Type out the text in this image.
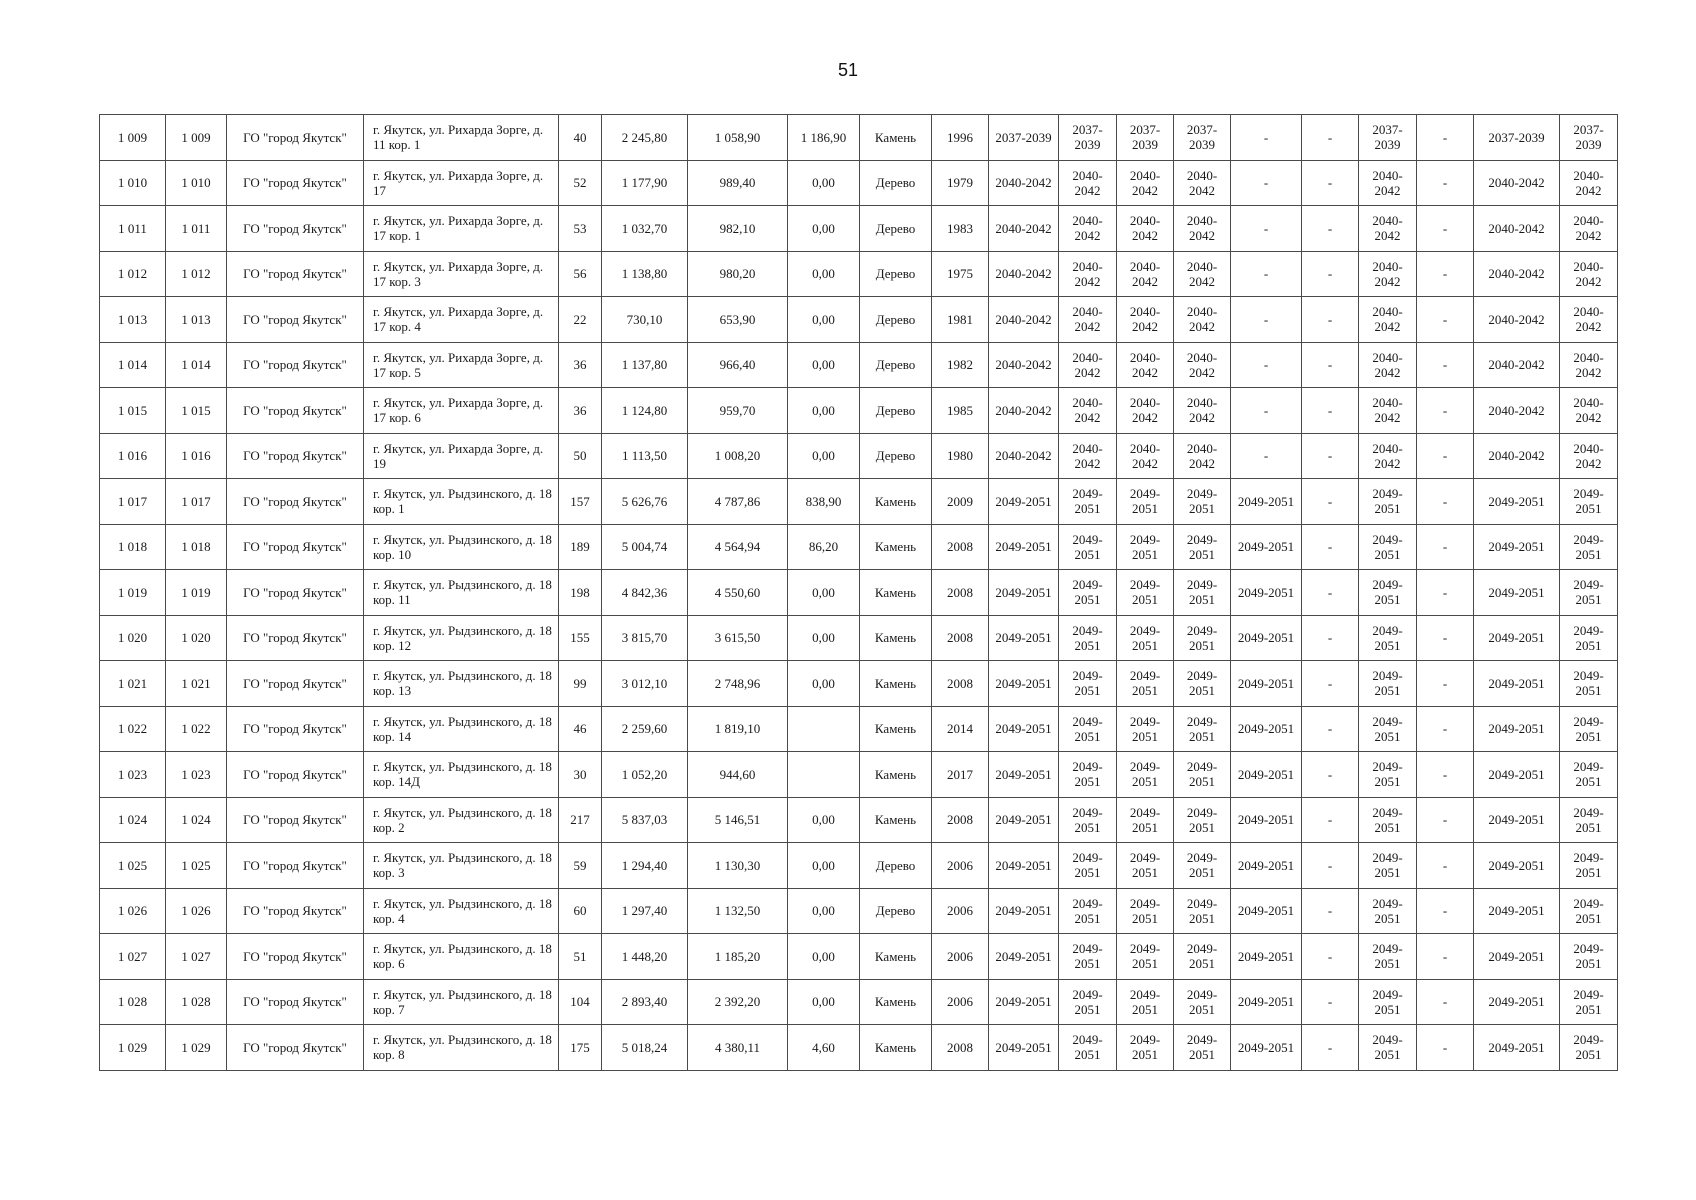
51
1 009	1 009	ГО "город Якутск"	г. Якутск, ул. Рихарда Зорге, д. 11 кор. 1	40	2 245,80	1 058,90	1 186,90	Камень	1996	2037-2039	2037-2039	2037-2039	2037-2039	-	-	2037-2039	-	2037-2039	2037-2039
1 010	1 010	ГО "город Якутск"	г. Якутск, ул. Рихарда Зорге, д. 17	52	1 177,90	989,40	0,00	Дерево	1979	2040-2042	2040-2042	2040-2042	2040-2042	-	-	2040-2042	-	2040-2042	2040-2042
1 011	1 011	ГО "город Якутск"	г. Якутск, ул. Рихарда Зорге, д. 17 кор. 1	53	1 032,70	982,10	0,00	Дерево	1983	2040-2042	2040-2042	2040-2042	2040-2042	-	-	2040-2042	-	2040-2042	2040-2042
1 012	1 012	ГО "город Якутск"	г. Якутск, ул. Рихарда Зорге, д. 17 кор. 3	56	1 138,80	980,20	0,00	Дерево	1975	2040-2042	2040-2042	2040-2042	2040-2042	-	-	2040-2042	-	2040-2042	2040-2042
1 013	1 013	ГО "город Якутск"	г. Якутск, ул. Рихарда Зорге, д. 17 кор. 4	22	730,10	653,90	0,00	Дерево	1981	2040-2042	2040-2042	2040-2042	2040-2042	-	-	2040-2042	-	2040-2042	2040-2042
1 014	1 014	ГО "город Якутск"	г. Якутск, ул. Рихарда Зорге, д. 17 кор. 5	36	1 137,80	966,40	0,00	Дерево	1982	2040-2042	2040-2042	2040-2042	2040-2042	-	-	2040-2042	-	2040-2042	2040-2042
1 015	1 015	ГО "город Якутск"	г. Якутск, ул. Рихарда Зорге, д. 17 кор. 6	36	1 124,80	959,70	0,00	Дерево	1985	2040-2042	2040-2042	2040-2042	2040-2042	-	-	2040-2042	-	2040-2042	2040-2042
1 016	1 016	ГО "город Якутск"	г. Якутск, ул. Рихарда Зорге, д. 19	50	1 113,50	1 008,20	0,00	Дерево	1980	2040-2042	2040-2042	2040-2042	2040-2042	-	-	2040-2042	-	2040-2042	2040-2042
1 017	1 017	ГО "город Якутск"	г. Якутск, ул. Рыдзинского, д. 18 кор. 1	157	5 626,76	4 787,86	838,90	Камень	2009	2049-2051	2049-2051	2049-2051	2049-2051	2049-2051	-	2049-2051	-	2049-2051	2049-2051
1 018	1 018	ГО "город Якутск"	г. Якутск, ул. Рыдзинского, д. 18 кор. 10	189	5 004,74	4 564,94	86,20	Камень	2008	2049-2051	2049-2051	2049-2051	2049-2051	2049-2051	-	2049-2051	-	2049-2051	2049-2051
1 019	1 019	ГО "город Якутск"	г. Якутск, ул. Рыдзинского, д. 18 кор. 11	198	4 842,36	4 550,60	0,00	Камень	2008	2049-2051	2049-2051	2049-2051	2049-2051	2049-2051	-	2049-2051	-	2049-2051	2049-2051
1 020	1 020	ГО "город Якутск"	г. Якутск, ул. Рыдзинского, д. 18 кор. 12	155	3 815,70	3 615,50	0,00	Камень	2008	2049-2051	2049-2051	2049-2051	2049-2051	2049-2051	-	2049-2051	-	2049-2051	2049-2051
1 021	1 021	ГО "город Якутск"	г. Якутск, ул. Рыдзинского, д. 18 кор. 13	99	3 012,10	2 748,96	0,00	Камень	2008	2049-2051	2049-2051	2049-2051	2049-2051	2049-2051	-	2049-2051	-	2049-2051	2049-2051
1 022	1 022	ГО "город Якутск"	г. Якутск, ул. Рыдзинского, д. 18 кор. 14	46	2 259,60	1 819,10		Камень	2014	2049-2051	2049-2051	2049-2051	2049-2051	2049-2051	-	2049-2051	-	2049-2051	2049-2051
1 023	1 023	ГО "город Якутск"	г. Якутск, ул. Рыдзинского, д. 18 кор. 14Д	30	1 052,20	944,60		Камень	2017	2049-2051	2049-2051	2049-2051	2049-2051	2049-2051	-	2049-2051	-	2049-2051	2049-2051
1 024	1 024	ГО "город Якутск"	г. Якутск, ул. Рыдзинского, д. 18 кор. 2	217	5 837,03	5 146,51	0,00	Камень	2008	2049-2051	2049-2051	2049-2051	2049-2051	2049-2051	-	2049-2051	-	2049-2051	2049-2051
1 025	1 025	ГО "город Якутск"	г. Якутск, ул. Рыдзинского, д. 18 кор. 3	59	1 294,40	1 130,30	0,00	Дерево	2006	2049-2051	2049-2051	2049-2051	2049-2051	2049-2051	-	2049-2051	-	2049-2051	2049-2051
1 026	1 026	ГО "город Якутск"	г. Якутск, ул. Рыдзинского, д. 18 кор. 4	60	1 297,40	1 132,50	0,00	Дерево	2006	2049-2051	2049-2051	2049-2051	2049-2051	2049-2051	-	2049-2051	-	2049-2051	2049-2051
1 027	1 027	ГО "город Якутск"	г. Якутск, ул. Рыдзинского, д. 18 кор. 6	51	1 448,20	1 185,20	0,00	Камень	2006	2049-2051	2049-2051	2049-2051	2049-2051	2049-2051	-	2049-2051	-	2049-2051	2049-2051
1 028	1 028	ГО "город Якутск"	г. Якутск, ул. Рыдзинского, д. 18 кор. 7	104	2 893,40	2 392,20	0,00	Камень	2006	2049-2051	2049-2051	2049-2051	2049-2051	2049-2051	-	2049-2051	-	2049-2051	2049-2051
1 029	1 029	ГО "город Якутск"	г. Якутск, ул. Рыдзинского, д. 18 кор. 8	175	5 018,24	4 380,11	4,60	Камень	2008	2049-2051	2049-2051	2049-2051	2049-2051	2049-2051	-	2049-2051	-	2049-2051	2049-2051
